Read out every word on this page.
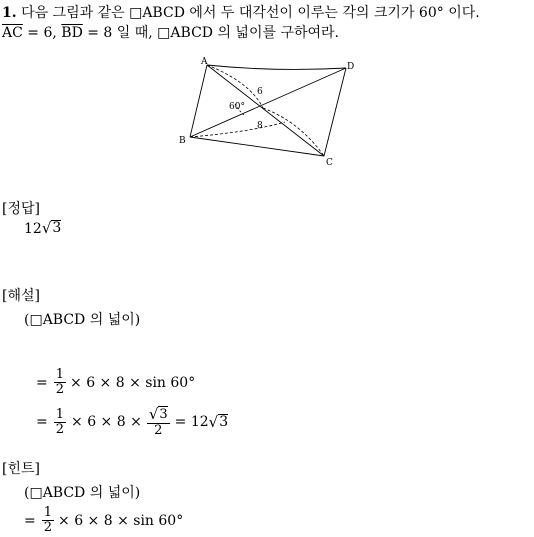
1. 다음 그림과 같은 □ABCD 에서 두 대각선이 이루는 각의 크기가 60° 이다.
$\overline{AC} = 6$, $\overline{BD} = 8$ 일 때, □ABCD 의 넓이를 구하여라.
A	D
B
C
6
8
60°
[정답]
12 √ 3
[해설]
(□ABCD 의 넓이)
= $\frac{1}{2} \times 6 \times 8 \times \sin 60^\circ$
= $\frac{1}{2} \times 6 \times 8 \times \frac{√ 3}{2} = 12$ √ 3
[힌트]
(□ABCD 의 넓이)
= $\frac{1}{2} \times 6 \times 8 \times \sin 60^\circ$
